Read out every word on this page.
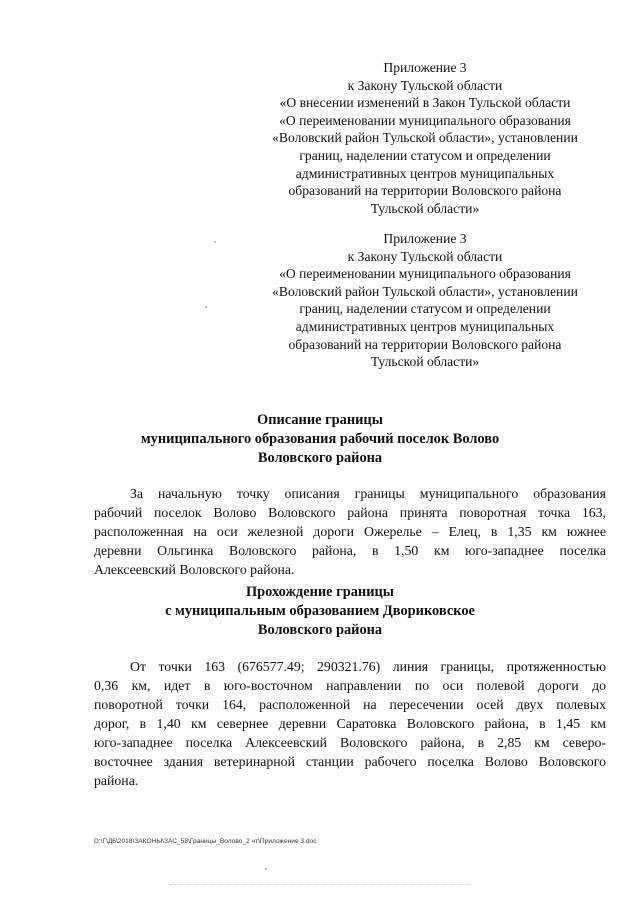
Приложение 3
к Закону Тульской области
«О внесении изменений в Закон Тульской области
«О переименовании муниципального образования
«Воловский район Тульской области», установлении
границ, наделении статусом и определении
административных центров муниципальных
образований на территории Воловского района
Тульской области»
Приложение 3
к Закону Тульской области
«О переименовании муниципального образования
«Воловский район Тульской области», установлении
границ, наделении статусом и определении
административных центров муниципальных
образований на территории Воловского района
Тульской области»
Описание границы
муниципального образования рабочий поселок Волово
Воловского района
За начальную точку описания границы муниципального образования
рабочий поселок Волово Воловского района принята поворотная точка 163,
расположенная на оси железной дороги Ожерелье – Елец, в 1,35 км южнее
деревни Ольгинка Воловского района, в 1,50 км юго-западнее поселка
Алексеевский Воловского района.
Прохождение границы
с муниципальным образованием Двориковское
Воловского района
От точки 163 (676577.49; 290321.76) линия границы, протяженностью
0,36 км, идет в юго-восточном направлении по оси полевой дороги до
поворотной точки 164, расположенной на пересечении осей двух полевых
дорог, в 1,40 км севернее деревни Саратовка Воловского района, в 1,45 км
юго-западнее поселка Алексеевский Воловского района, в 2,85 км северо-
восточнее здания ветеринарной станции рабочего поселка Волово Воловского
района.
D:\Г\Д6\2018\ЗАКОНЫ\ЗАС_58\Границы_Волово_2 чт\Приложение 3.doc
